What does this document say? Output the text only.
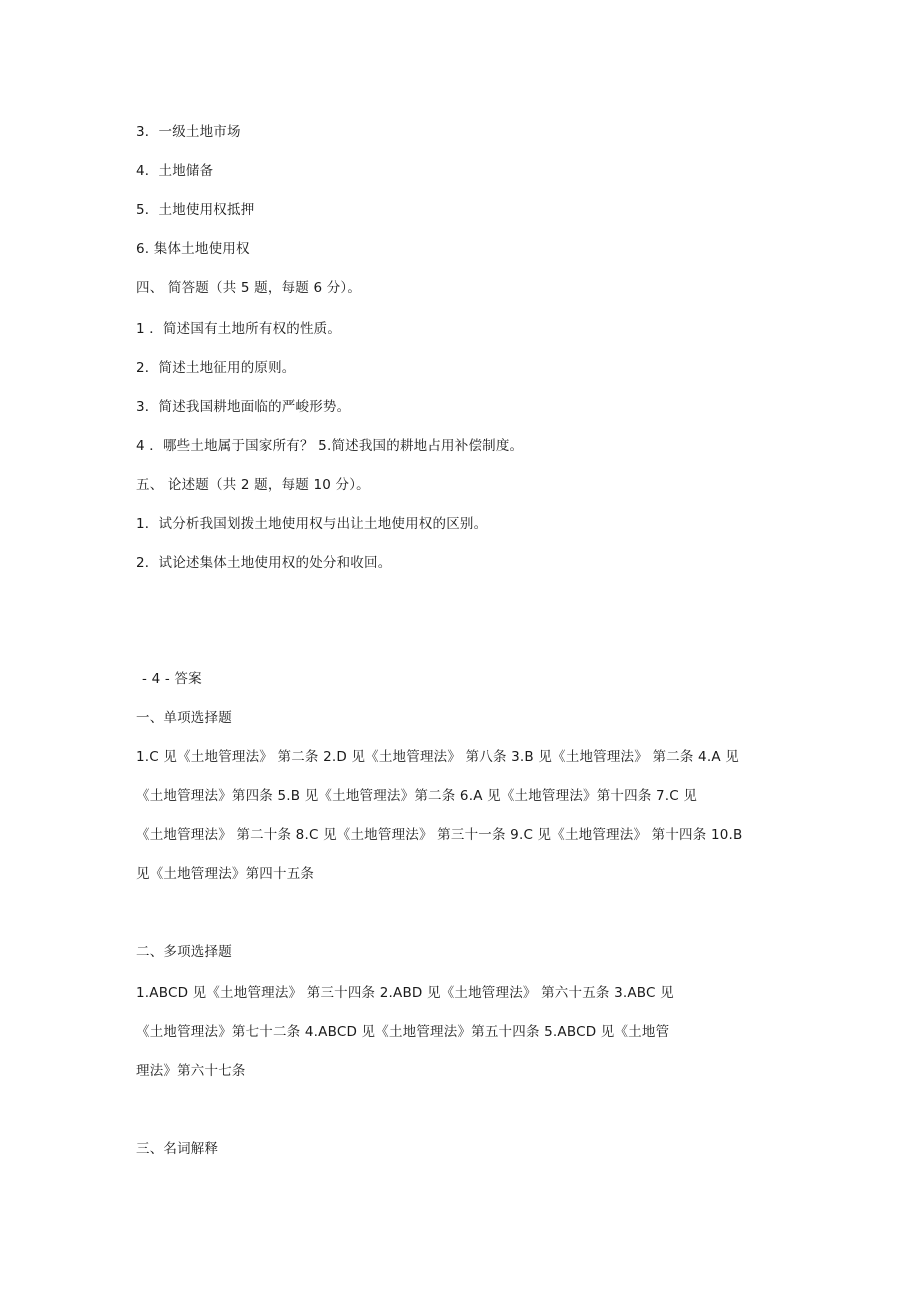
3．一级土地市场
4．土地储备
5．土地使用权抵押
6. 集体土地使用权
四、 简答题（共 5 题，每题 6 分）。
1 ．简述国有土地所有权的性质。
2．简述土地征用的原则。
3．简述我国耕地面临的严峻形势。
4 ．哪些土地属于国家所有？ 5.简述我国的耕地占用补偿制度。
五、 论述题（共 2 题，每题 10 分）。
1．试分析我国划拨土地使用权与出让土地使用权的区别。
2．试论述集体土地使用权的处分和收回。
- 4 - 答案
一、单项选择题
1.C 见《土地管理法》 第二条 2.D 见《土地管理法》 第八条 3.B 见《土地管理法》 第二条 4.A 见
《土地管理法》第四条 5.B 见《土地管理法》第二条 6.A 见《土地管理法》第十四条 7.C 见
《土地管理法》 第二十条 8.C 见《土地管理法》 第三十一条 9.C 见《土地管理法》 第十四条 10.B
见《土地管理法》第四十五条
二、多项选择题
1.ABCD 见《土地管理法》 第三十四条 2.ABD 见《土地管理法》 第六十五条 3.ABC 见
《土地管理法》第七十二条 4.ABCD 见《土地管理法》第五十四条 5.ABCD 见《土地管
理法》第六十七条
三、名词解释
